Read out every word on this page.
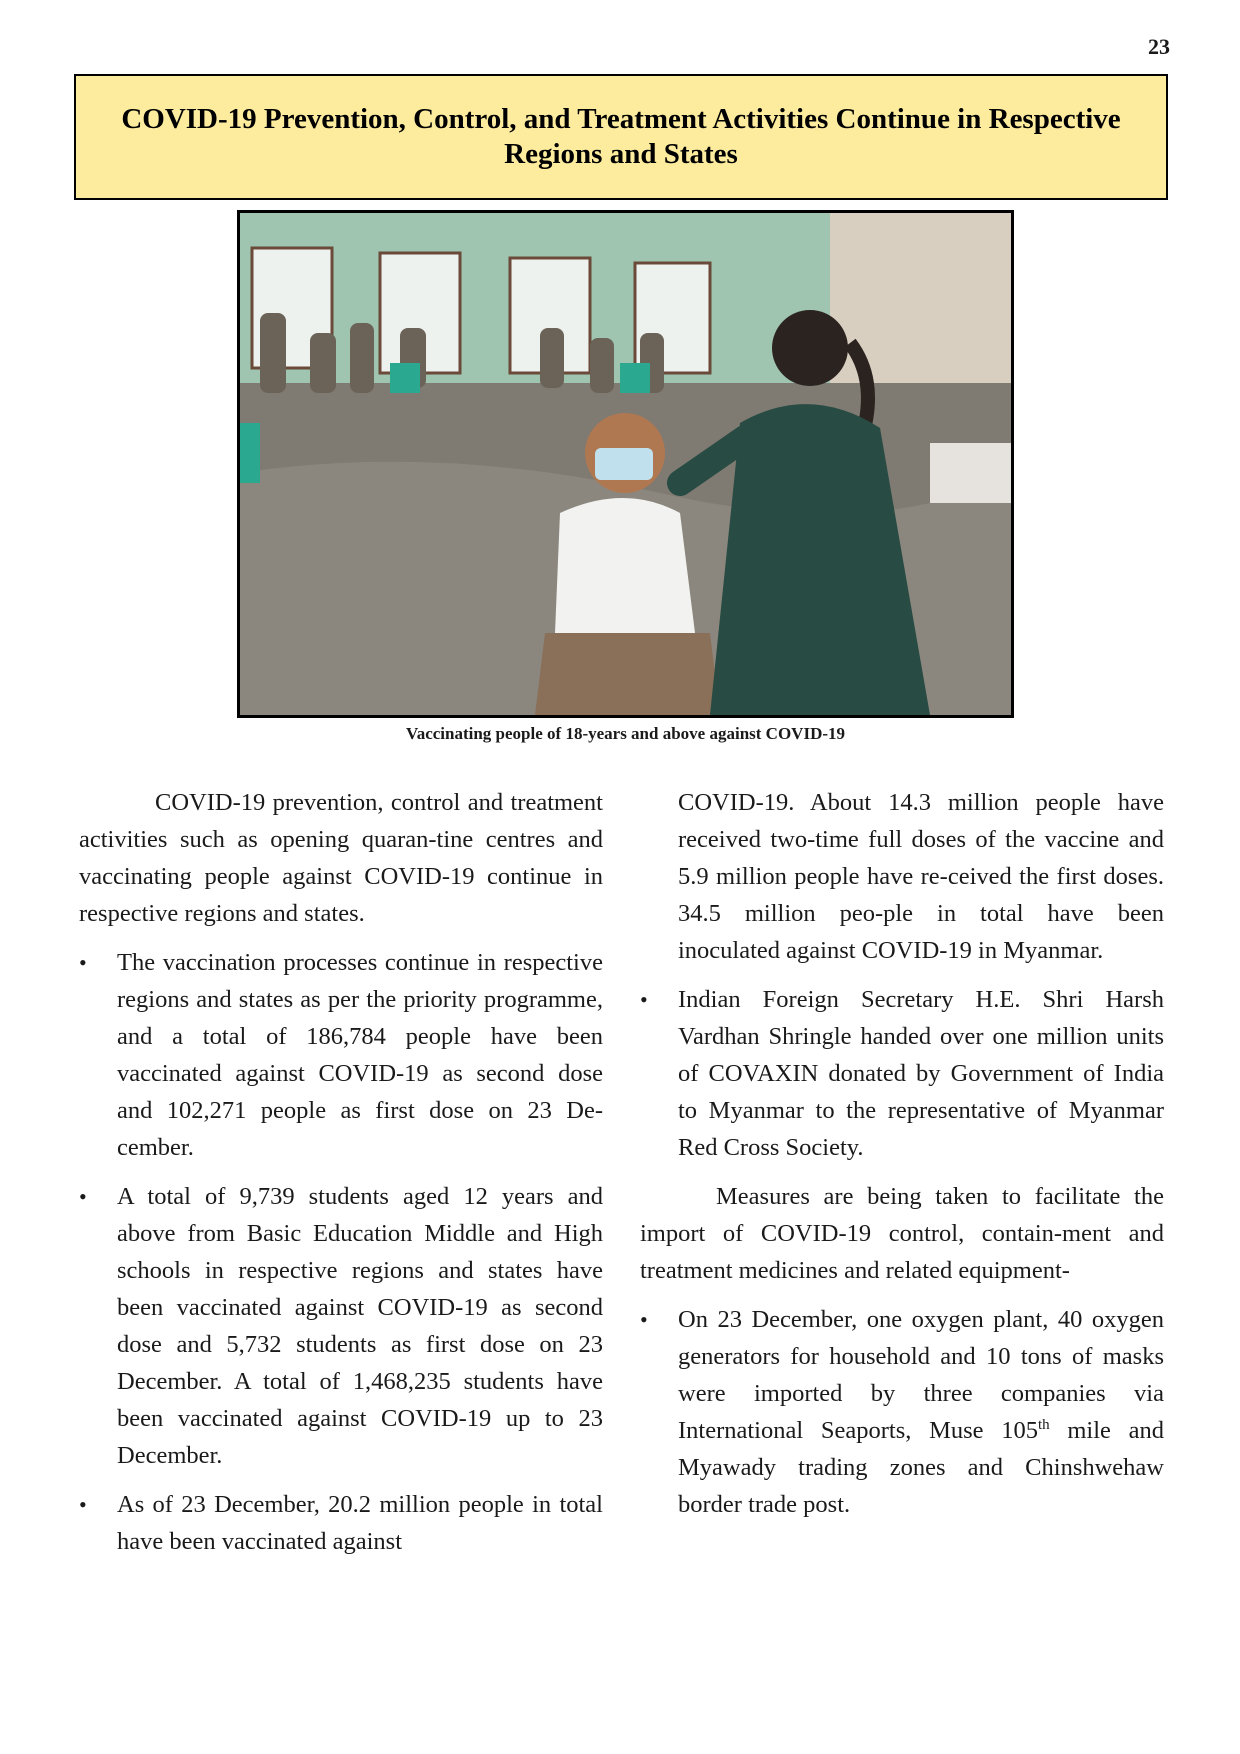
23
COVID-19 Prevention, Control, and Treatment Activities Continue in Respective Regions and States
Vaccinating people of 18-years and above against COVID-19

COVID-19 prevention, control and treatment activities such as opening quaran-tine centres and vaccinating people against COVID-19 continue in respective regions and states.

•	The vaccination processes continue in respective regions and states as per the priority programme, and a total of 186,784 people have been vaccinated against COVID-19 as second dose and 102,271 people as first dose on 23 De-cember.
•	A total of 9,739 students aged 12 years and above from Basic Education Middle and High schools in respective regions and states have been vaccinated against COVID-19 as second dose and 5,732 students as first dose on 23 December. A total of 1,468,235 students have been vaccinated against COVID-19 up to 23 December.
•	As of 23 December, 20.2 million people in total have been vaccinated against
COVID-19. About 14.3 million people have received two-time full doses of the vaccine and 5.9 million people have re-ceived the first doses. 34.5 million peo-ple in total have been inoculated against COVID-19 in Myanmar.
•	Indian Foreign Secretary H.E. Shri Harsh Vardhan Shringle handed over one million units of COVAXIN donated by Government of India to Myanmar to the representative of Myanmar Red Cross Society.

Measures are being taken to facilitate the import of COVID-19 control, contain-ment and treatment medicines and related equipment-

•	On 23 December, one oxygen plant, 40 oxygen generators for household and 10 tons of masks were imported by three companies via International Seaports, Muse 105th mile and Myawady trading zones and Chinshwehaw border trade post.
